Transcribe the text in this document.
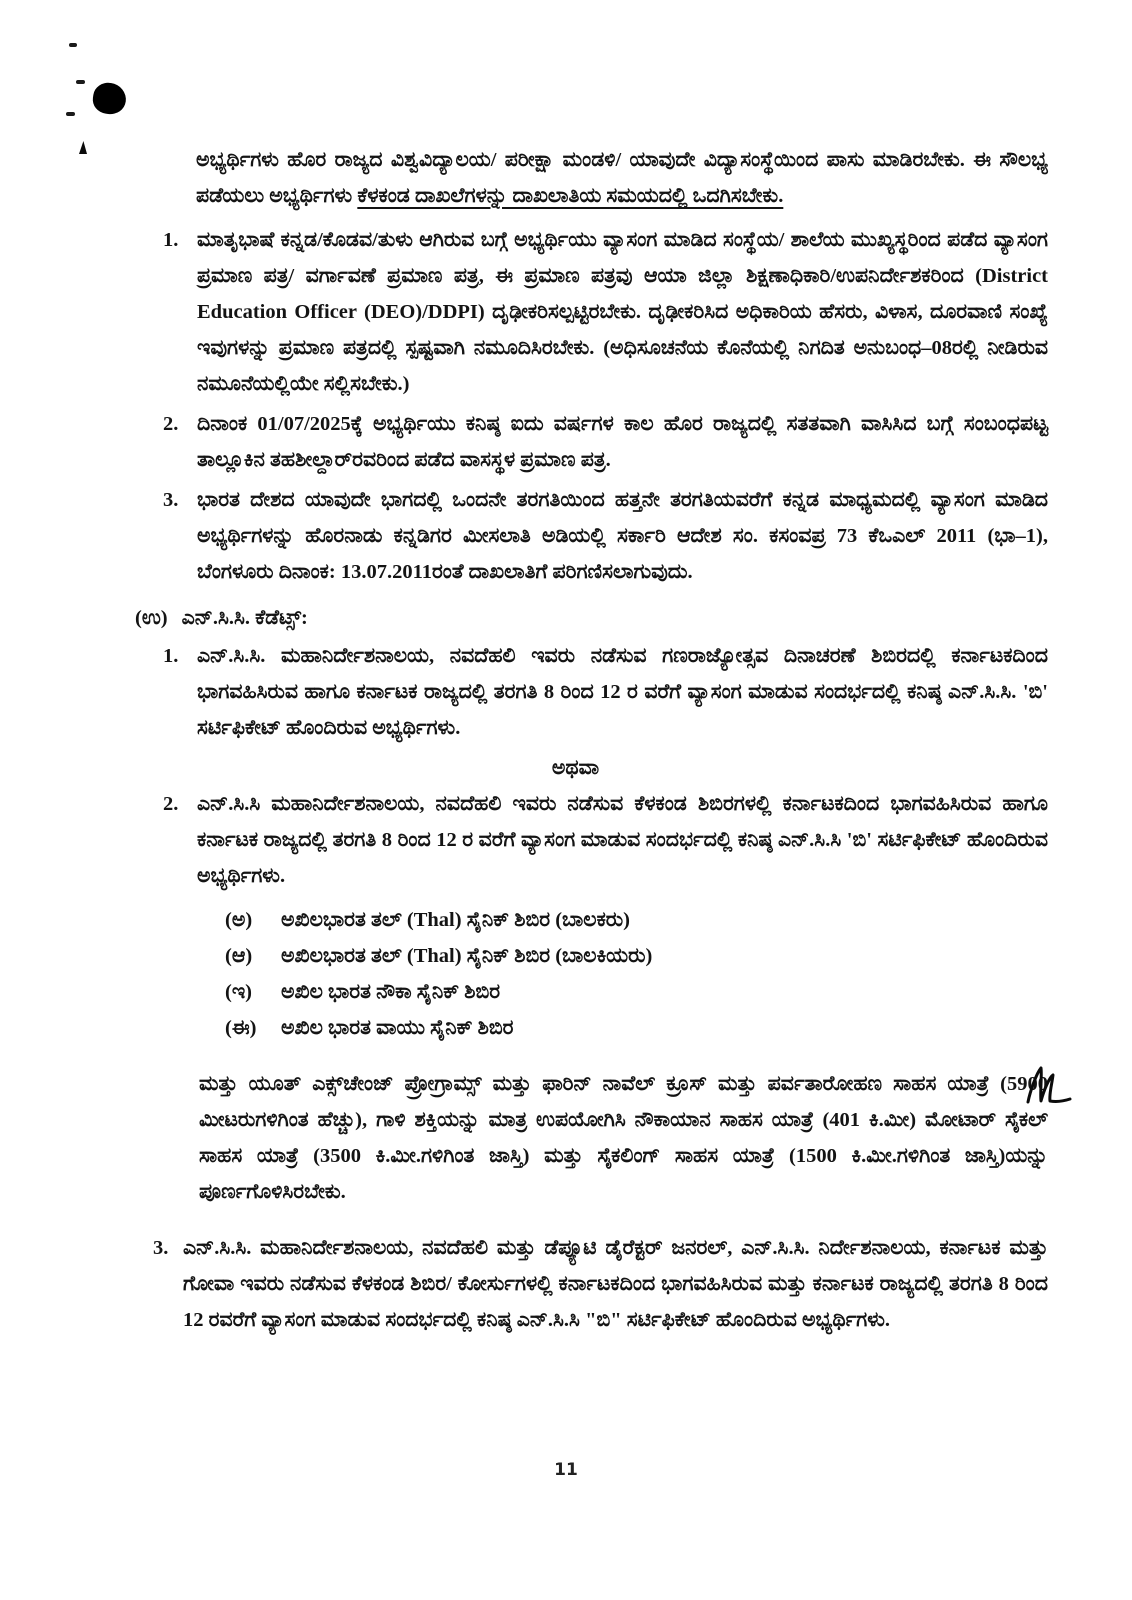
ಅಭ್ಯರ್ಥಿಗಳು ಹೊರ ರಾಜ್ಯದ ವಿಶ್ವವಿದ್ಯಾಲಯ/ ಪರೀಕ್ಷಾ ಮಂಡಳಿ/ ಯಾವುದೇ ವಿದ್ಯಾಸಂಸ್ಥೆಯಿಂದ ಪಾಸು ಮಾಡಿರಬೇಕು. ಈ ಸೌಲಭ್ಯ ಪಡೆಯಲು ಅಭ್ಯರ್ಥಿಗಳು ಕೆಳಕಂಡ ದಾಖಲೆಗಳನ್ನು ದಾಖಲಾತಿಯ ಸಮಯದಲ್ಲಿ ಒದಗಿಸಬೇಕು.

1. ಮಾತೃಭಾಷೆ ಕನ್ನಡ/ಕೊಡವ/ತುಳು ಆಗಿರುವ ಬಗ್ಗೆ ಅಭ್ಯರ್ಥಿಯು ವ್ಯಾಸಂಗ ಮಾಡಿದ ಸಂಸ್ಥೆಯ/ ಶಾಲೆಯ ಮುಖ್ಯಸ್ಥರಿಂದ ಪಡೆದ ವ್ಯಾಸಂಗ ಪ್ರಮಾಣ ಪತ್ರ/ ವರ್ಗಾವಣೆ ಪ್ರಮಾಣ ಪತ್ರ, ಈ ಪ್ರಮಾಣ ಪತ್ರವು ಆಯಾ ಜಿಲ್ಲಾ ಶಿಕ್ಷಣಾಧಿಕಾರಿ/ಉಪನಿರ್ದೇಶಕರಿಂದ (District Education Officer (DEO)/DDPI) ದೃಢೀಕರಿಸಲ್ಪಟ್ಟಿರಬೇಕು. ದೃಢೀಕರಿಸಿದ ಅಧಿಕಾರಿಯ ಹೆಸರು, ವಿಳಾಸ, ದೂರವಾಣಿ ಸಂಖ್ಯೆ ಇವುಗಳನ್ನು ಪ್ರಮಾಣ ಪತ್ರದಲ್ಲಿ ಸ್ಪಷ್ಟವಾಗಿ ನಮೂದಿಸಿರಬೇಕು. (ಅಧಿಸೂಚನೆಯ ಕೊನೆಯಲ್ಲಿ ನಿಗದಿತ ಅನುಬಂಧ–08ರಲ್ಲಿ ನೀಡಿರುವ ನಮೂನೆಯಲ್ಲಿಯೇ ಸಲ್ಲಿಸಬೇಕು.)

2. ದಿನಾಂಕ 01/07/2025ಕ್ಕೆ ಅಭ್ಯರ್ಥಿಯು ಕನಿಷ್ಠ ಐದು ವರ್ಷಗಳ ಕಾಲ ಹೊರ ರಾಜ್ಯದಲ್ಲಿ ಸತತವಾಗಿ ವಾಸಿಸಿದ ಬಗ್ಗೆ ಸಂಬಂಧಪಟ್ಟ ತಾಲ್ಲೂಕಿನ ತಹಶೀಲ್ದಾರ್‌ರವರಿಂದ ಪಡೆದ ವಾಸಸ್ಥಳ ಪ್ರಮಾಣ ಪತ್ರ.

3. ಭಾರತ ದೇಶದ ಯಾವುದೇ ಭಾಗದಲ್ಲಿ ಒಂದನೇ ತರಗತಿಯಿಂದ ಹತ್ತನೇ ತರಗತಿಯವರೆಗೆ ಕನ್ನಡ ಮಾಧ್ಯಮದಲ್ಲಿ ವ್ಯಾಸಂಗ ಮಾಡಿದ ಅಭ್ಯರ್ಥಿಗಳನ್ನು ಹೊರನಾಡು ಕನ್ನಡಿಗರ ಮೀಸಲಾತಿ ಅಡಿಯಲ್ಲಿ ಸರ್ಕಾರಿ ಆದೇಶ ಸಂ. ಕಸಂವಪ್ರ 73 ಕೆಒಎಲ್ 2011 (ಭಾ–1), ಬೆಂಗಳೂರು ದಿನಾಂಕ: 13.07.2011ರಂತೆ ದಾಖಲಾತಿಗೆ ಪರಿಗಣಿಸಲಾಗುವುದು.

(ಉ) ಎನ್.ಸಿ.ಸಿ. ಕೆಡೆಟ್ಸ್:
1. ಎನ್.ಸಿ.ಸಿ. ಮಹಾನಿರ್ದೇಶನಾಲಯ, ನವದೆಹಲಿ ಇವರು ನಡೆಸುವ ಗಣರಾಜ್ಯೋತ್ಸವ ದಿನಾಚರಣೆ ಶಿಬಿರದಲ್ಲಿ ಕರ್ನಾಟಕದಿಂದ ಭಾಗವಹಿಸಿರುವ ಹಾಗೂ ಕರ್ನಾಟಕ ರಾಜ್ಯದಲ್ಲಿ ತರಗತಿ 8 ರಿಂದ 12 ರ ವರೆಗೆ ವ್ಯಾಸಂಗ ಮಾಡುವ ಸಂದರ್ಭದಲ್ಲಿ ಕನಿಷ್ಠ ಎನ್.ಸಿ.ಸಿ. 'ಬಿ' ಸರ್ಟಿಫಿಕೇಟ್ ಹೊಂದಿರುವ ಅಭ್ಯರ್ಥಿಗಳು.

ಅಥವಾ
2. ಎನ್.ಸಿ.ಸಿ ಮಹಾನಿರ್ದೇಶನಾಲಯ, ನವದೆಹಲಿ ಇವರು ನಡೆಸುವ ಕೆಳಕಂಡ ಶಿಬಿರಗಳಲ್ಲಿ ಕರ್ನಾಟಕದಿಂದ ಭಾಗವಹಿಸಿರುವ ಹಾಗೂ ಕರ್ನಾಟಕ ರಾಜ್ಯದಲ್ಲಿ ತರಗತಿ 8 ರಿಂದ 12 ರ ವರೆಗೆ ವ್ಯಾಸಂಗ ಮಾಡುವ ಸಂದರ್ಭದಲ್ಲಿ ಕನಿಷ್ಠ ಎನ್.ಸಿ.ಸಿ 'ಬಿ' ಸರ್ಟಿಫಿಕೇಟ್ ಹೊಂದಿರುವ ಅಭ್ಯರ್ಥಿಗಳು.

(ಅ)	ಅಖಿಲಭಾರತ ತಲ್ (Thal) ಸೈನಿಕ್ ಶಿಬಿರ (ಬಾಲಕರು)
(ಆ)	ಅಖಿಲಭಾರತ ತಲ್ (Thal) ಸೈನಿಕ್ ಶಿಬಿರ (ಬಾಲಕಿಯರು)
(ಇ)	ಅಖಿಲ ಭಾರತ ನೌಕಾ ಸೈನಿಕ್ ಶಿಬಿರ
(ಈ)	ಅಖಿಲ ಭಾರತ ವಾಯು ಸೈನಿಕ್ ಶಿಬಿರ

ಮತ್ತು ಯೂತ್ ಎಕ್ಸ್‌ಚೇಂಜ್ ಪ್ರೋಗ್ರಾಮ್ಸ್ ಮತ್ತು ಫಾರಿನ್ ನಾವೆಲ್ ಕ್ರೂಸ್ ಮತ್ತು ಪರ್ವತಾರೋಹಣ ಸಾಹಸ ಯಾತ್ರೆ (5900 ಮೀಟರುಗಳಿಗಿಂತ ಹೆಚ್ಚು), ಗಾಳಿ ಶಕ್ತಿಯನ್ನು ಮಾತ್ರ ಉಪಯೋಗಿಸಿ ನೌಕಾಯಾನ ಸಾಹಸ ಯಾತ್ರೆ (401 ಕಿ.ಮೀ) ಮೋಟಾರ್ ಸೈಕಲ್ ಸಾಹಸ ಯಾತ್ರೆ (3500 ಕಿ.ಮೀ.ಗಳಿಗಿಂತ ಜಾಸ್ತಿ) ಮತ್ತು ಸೈಕಲಿಂಗ್ ಸಾಹಸ ಯಾತ್ರೆ (1500 ಕಿ.ಮೀ.ಗಳಿಗಿಂತ ಜಾಸ್ತಿ)ಯನ್ನು ಪೂರ್ಣಗೊಳಿಸಿರಬೇಕು.

3. ಎನ್.ಸಿ.ಸಿ. ಮಹಾನಿರ್ದೇಶನಾಲಯ, ನವದೆಹಲಿ ಮತ್ತು ಡೆಪ್ಯೂಟಿ ಡೈರೆಕ್ಟರ್ ಜನರಲ್, ಎನ್.ಸಿ.ಸಿ. ನಿರ್ದೇಶನಾಲಯ, ಕರ್ನಾಟಕ ಮತ್ತು ಗೋವಾ ಇವರು ನಡೆಸುವ ಕೆಳಕಂಡ ಶಿಬಿರ/ ಕೋರ್ಸುಗಳಲ್ಲಿ ಕರ್ನಾಟಕದಿಂದ ಭಾಗವಹಿಸಿರುವ ಮತ್ತು ಕರ್ನಾಟಕ ರಾಜ್ಯದಲ್ಲಿ ತರಗತಿ 8 ರಿಂದ 12 ರವರೆಗೆ ವ್ಯಾಸಂಗ ಮಾಡುವ ಸಂದರ್ಭದಲ್ಲಿ ಕನಿಷ್ಠ ಎನ್.ಸಿ.ಸಿ "ಬಿ" ಸರ್ಟಿಫಿಕೇಟ್ ಹೊಂದಿರುವ ಅಭ್ಯರ್ಥಿಗಳು.

11
